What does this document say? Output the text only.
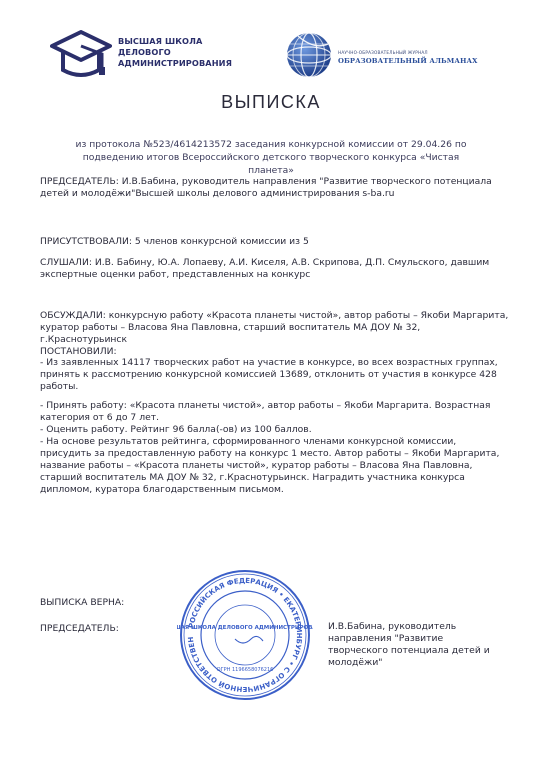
ВЫСШАЯ ШКОЛА ДЕЛОВОГО АДМИНИСТРИРОВАНИЯ
НАУЧНО-ОБРАЗОВАТЕЛЬНЫЙ ЖУРНАЛ
ОБРАЗОВАТЕЛЬНЫЙ АЛЬМАНАХ
ВЫПИСКА
из протокола №523/4614213572 заседания конкурсной комиссии от 29.04.26 по подведению итогов Всероссийского детского творческого конкурса «Чистая планета»
ПРЕДСЕДАТЕЛЬ: И.В.Бабина, руководитель направления "Развитие творческого потенциала детей и молодёжи"Высшей школы делового администрирования s-ba.ru
ПРИСУТСТВОВАЛИ: 5 членов конкурсной комиссии из 5
СЛУШАЛИ: И.В. Бабину, Ю.А. Лопаеву, А.И. Киселя, А.В. Скрипова, Д.П. Смульского, давшим экспертные оценки работ, представленных на конкурс
ОБСУЖДАЛИ: конкурсную работу «Красота планеты чистой», автор работы – Якоби Маргарита, куратор работы – Власова Яна Павловна, старший воспитатель МА ДОУ № 32, г.Краснотурьинск
ПОСТАНОВИЛИ:
- Из заявленных 14117 творческих работ на участие в конкурсе, во всех возрастных группах, принять к рассмотрению конкурсной комиссией 13689, отклонить от участия в конкурсе 428 работы.
- Принять работу: «Красота планеты чистой», автор работы – Якоби Маргарита. Возрастная категория от 6 до 7 лет.
- Оценить работу. Рейтинг 96 балла(-ов) из 100 баллов.
- На основе результатов рейтинга, сформированного членами конкурсной комиссии, присудить за предоставленную работу на конкурс 1 место. Автор работы – Якоби Маргарита, название работы – «Красота планеты чистой», куратор работы – Власова Яна Павловна, старший воспитатель МА ДОУ № 32, г.Краснотурьинск. Наградить участника конкурса дипломом, куратора благодарственным письмом.
ВЫПИСКА ВЕРНА:
ПРЕДСЕДАТЕЛЬ:	И.В.Бабина, руководитель направления "Развитие творческого потенциала детей и молодёжи"
РОССИЙСКАЯ ФЕДЕРАЦИЯ • ЕКАТЕРИНБУРГ • С ОГРАНИЧЕННОЙ ОТВЕТСТВЕН
ШАЯ ШКОЛА ДЕЛОВОГО АДМИНИСТРИРОВ
ОГРН 1196658076216
